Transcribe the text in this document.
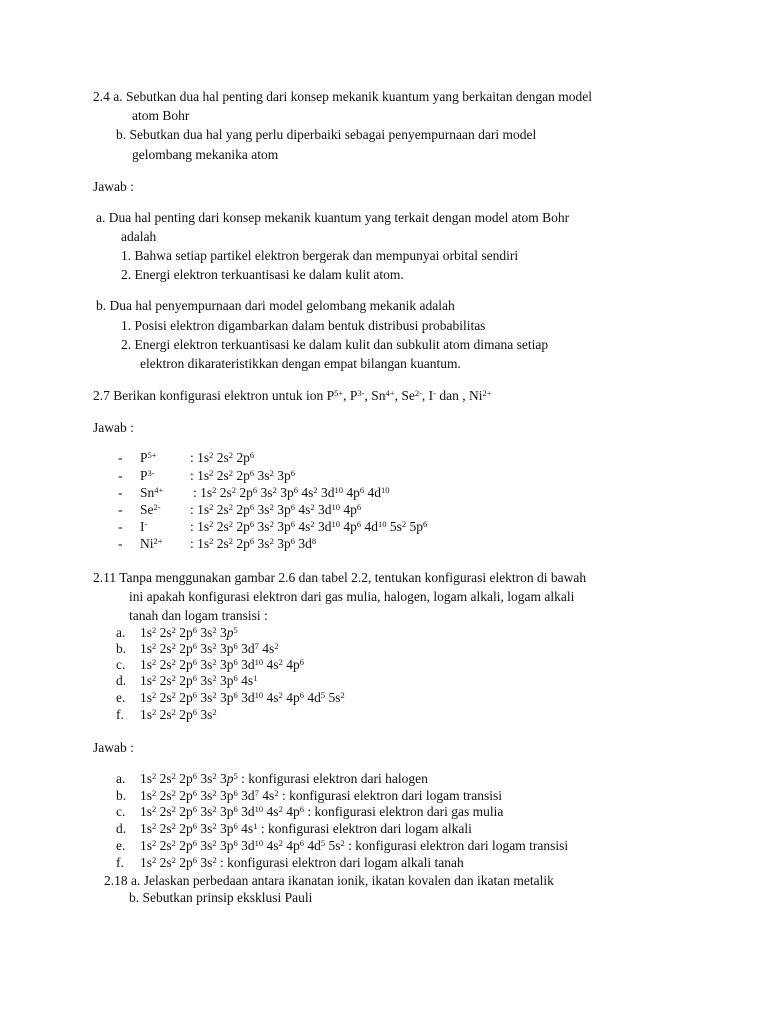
2.4 a. Sebutkan dua hal penting dari konsep mekanik kuantum yang berkaitan dengan model
atom Bohr
b. Sebutkan dua hal yang perlu diperbaiki sebagai penyempurnaan dari model
gelombang mekanika atom
Jawab :
a. Dua hal penting dari konsep mekanik kuantum yang terkait dengan model atom Bohr
adalah
1. Bahwa setiap partikel elektron bergerak dan mempunyai orbital sendiri
2. Energi elektron terkuantisasi ke dalam kulit atom.
b. Dua hal penyempurnaan dari model gelombang mekanik adalah
1. Posisi elektron digambarkan dalam bentuk distribusi probabilitas
2. Energi elektron terkuantisasi ke dalam kulit dan subkulit atom dimana setiap
elektron dikarateristikkan dengan empat bilangan kuantum.
2.7 Berikan konfigurasi elektron untuk ion $P^{5+}$, $P^{3-}$, $Sn^{4+}$, $Se^{2-}$, I- dan , $Ni^{2+}$
Jawab :
- $P^{5+}$ : $1s^2$ $2s^2$ $2p^6$
- $P^{3-}$	: $1s^2$ $2s^2$ $2p^6$ $3s^2$ $3p^6$
- $Sn^{4+}$ : $1s^2$ $2s^2$ $2p^6$ $3s^2$ $3p^6$ $4s^2$ $3d^{10}$ $4p^6$ $4d^{10}$
- $Se^{2-}$ : $1s^2$ $2s^2$ $2p^6$ $3s^2$ $3p^6$ $4s^2$ $3d^{10}$ $4p^6$
- I-	: $1s^2$ $2s^2$ $2p^6$ $3s^2$ $3p^6$ $4s^2$ $3d^{10}$ $4p^6$ $4d^{10}$ $5s^2$ $5p^6$
- $Ni^{2+}$ : $1s^2$ $2s^2$ $2p^6$ $3s^2$ $3p^6$ $3d^8$
2.11 Tanpa menggunakan gambar 2.6 dan tabel 2.2, tentukan konfigurasi elektron di bawah
ini apakah konfigurasi elektron dari gas mulia, halogen, logam alkali, logam alkali
tanah dan logam transisi :
a. $1s^2$ $2s^2$ $2p^6$ $3s^2$ $3p^5$
b. $1s^2$ $2s^2$ $2p^6$ $3s^2$ $3p^6$ $3d^7$ $4s^2$
c. $1s^2$ $2s^2$ $2p^6$ $3s^2$ $3p^6$ $3d^{10}$ $4s^2$ $4p^6$
d. $1s^2$ $2s^2$ $2p^6$ $3s^2$ $3p^6$ $4s^1$
e. $1s^2$ $2s^2$ $2p^6$ $3s^2$ $3p^6$ $3d^{10}$ $4s^2$ $4p^6$ $4d^5$ $5s^2$
f. $1s^2$ $2s^2$ $2p^6$ $3s^2$
Jawab :
a. $1s^2$ $2s^2$ $2p^6$ $3s^2$ $3p^5$ : konfigurasi elektron dari halogen
b. $1s^2$ $2s^2$ $2p^6$ $3s^2$ $3p^6$ $3d^7$ $4s^2$ : konfigurasi elektron dari logam transisi
c. $1s^2$ $2s^2$ $2p^6$ $3s^2$ $3p^6$ $3d^{10}$ $4s^2$ $4p^6$ : konfigurasi elektron dari gas mulia
d. $1s^2$ $2s^2$ $2p^6$ $3s^2$ $3p^6$ $4s^1$ : konfigurasi elektron dari logam alkali
e. $1s^2$ $2s^2$ $2p^6$ $3s^2$ $3p^6$ $3d^{10}$ $4s^2$ $4p^6$ $4d^5$ $5s^2$ : konfigurasi elektron dari logam transisi
f. $1s^2$ $2s^2$ $2p^6$ $3s^2$ : konfigurasi elektron dari logam alkali tanah
2.18 a. Jelaskan perbedaan antara ikanatan ionik, ikatan kovalen dan ikatan metalik
b. Sebutkan prinsip eksklusi Pauli
